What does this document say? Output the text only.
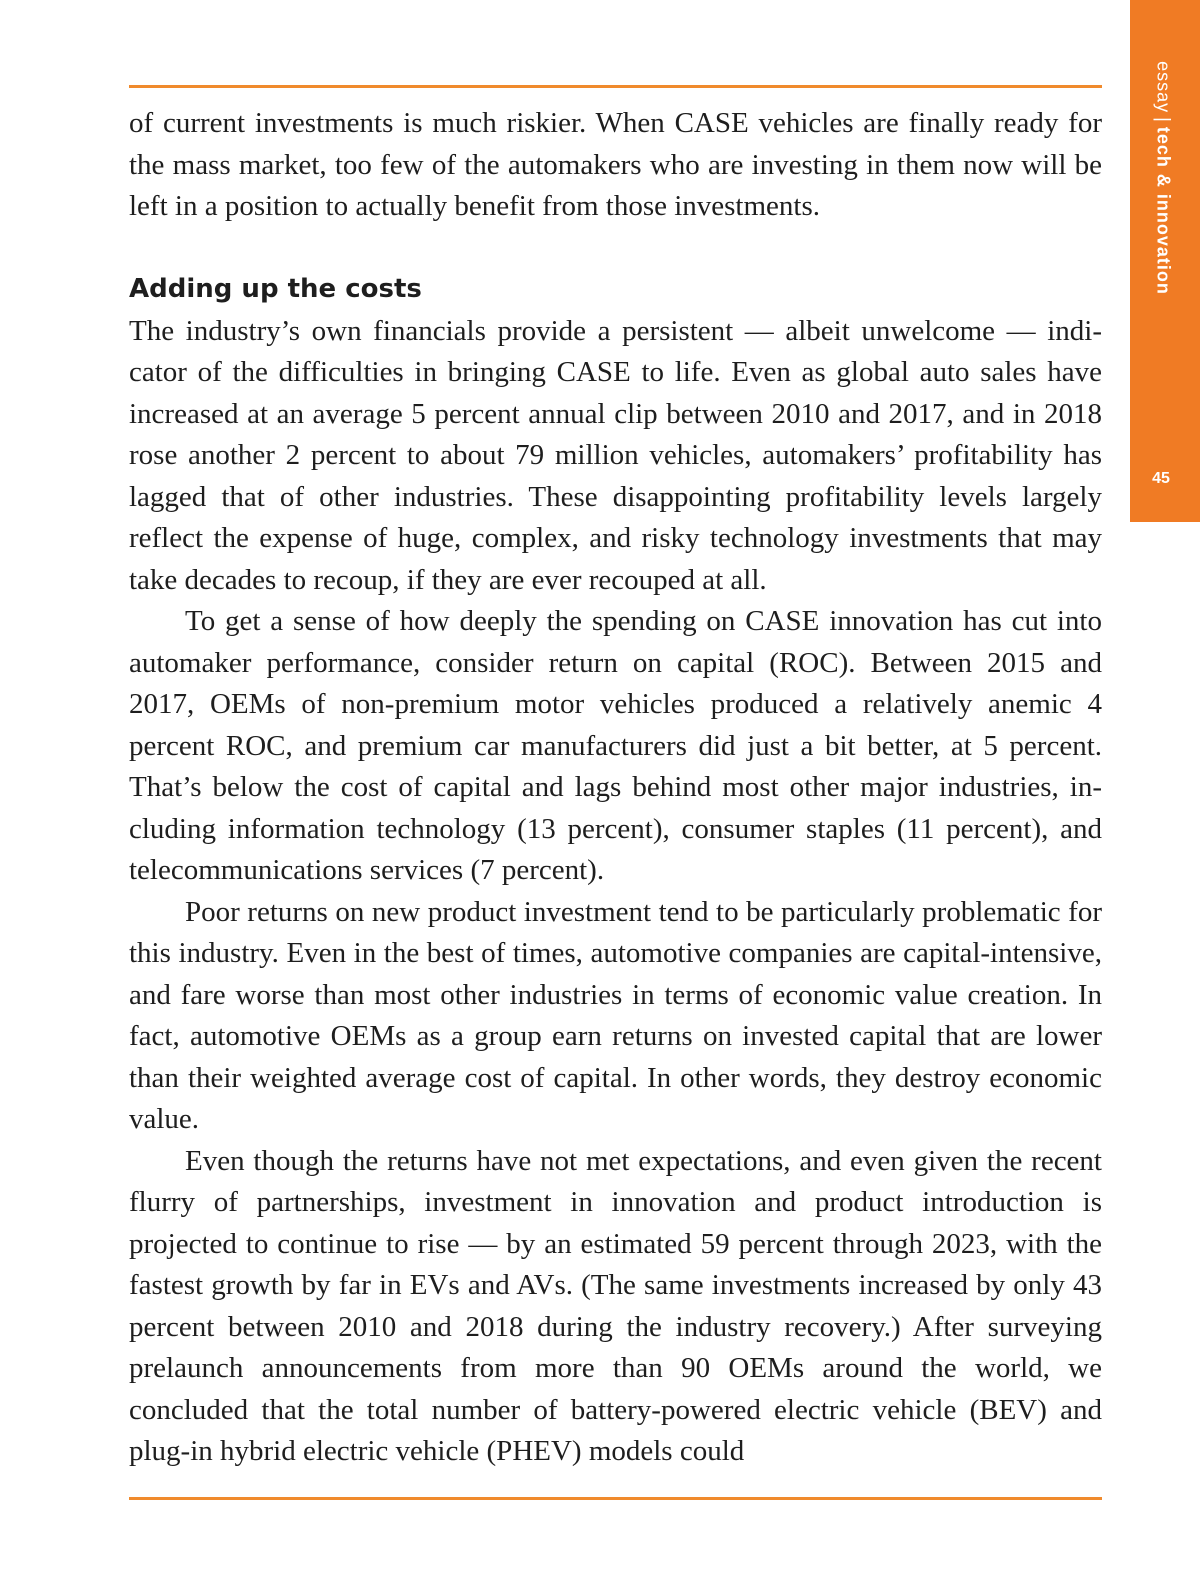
essay|tech & innovation
45

of current investments is much riskier. When CASE vehicles are finally ready for the mass market, too few of the automakers who are investing in them now will be left in a position to actually benefit from those investments.

Adding up the costs

The industry’s own financials provide a persistent — albeit unwelcome — indicator of the difficulties in bringing CASE to life. Even as global auto sales have increased at an average 5 percent annual clip between 2010 and 2017, and in 2018 rose another 2 percent to about 79 million vehicles, automakers’ profitability has lagged that of other industries. These disappointing profitability levels largely reflect the expense of huge, complex, and risky technology investments that may take decades to recoup, if they are ever recouped at all.

To get a sense of how deeply the spending on CASE innovation has cut into automaker performance, consider return on capital (ROC). Between 2015 and 2017, OEMs of non-premium motor vehicles produced a relatively anemic 4 percent ROC, and premium car manufacturers did just a bit better, at 5 percent. That’s below the cost of capital and lags behind most other major industries, including information technology (13 percent), consumer staples (11 percent), and telecommunications services (7 percent).

Poor returns on new product investment tend to be particularly problematic for this industry. Even in the best of times, automotive companies are capital-intensive, and fare worse than most other industries in terms of economic value creation. In fact, automotive OEMs as a group earn returns on invested capital that are lower than their weighted average cost of capital. In other words, they destroy economic value.

Even though the returns have not met expectations, and even given the recent flurry of partnerships, investment in innovation and product introduction is projected to continue to rise — by an estimated 59 percent through 2023, with the fastest growth by far in EVs and AVs. (The same investments increased by only 43 percent between 2010 and 2018 during the industry recovery.) After surveying prelaunch announcements from more than 90 OEMs around the world, we concluded that the total number of battery-powered electric vehicle (BEV) and plug-in hybrid electric vehicle (PHEV) models could
